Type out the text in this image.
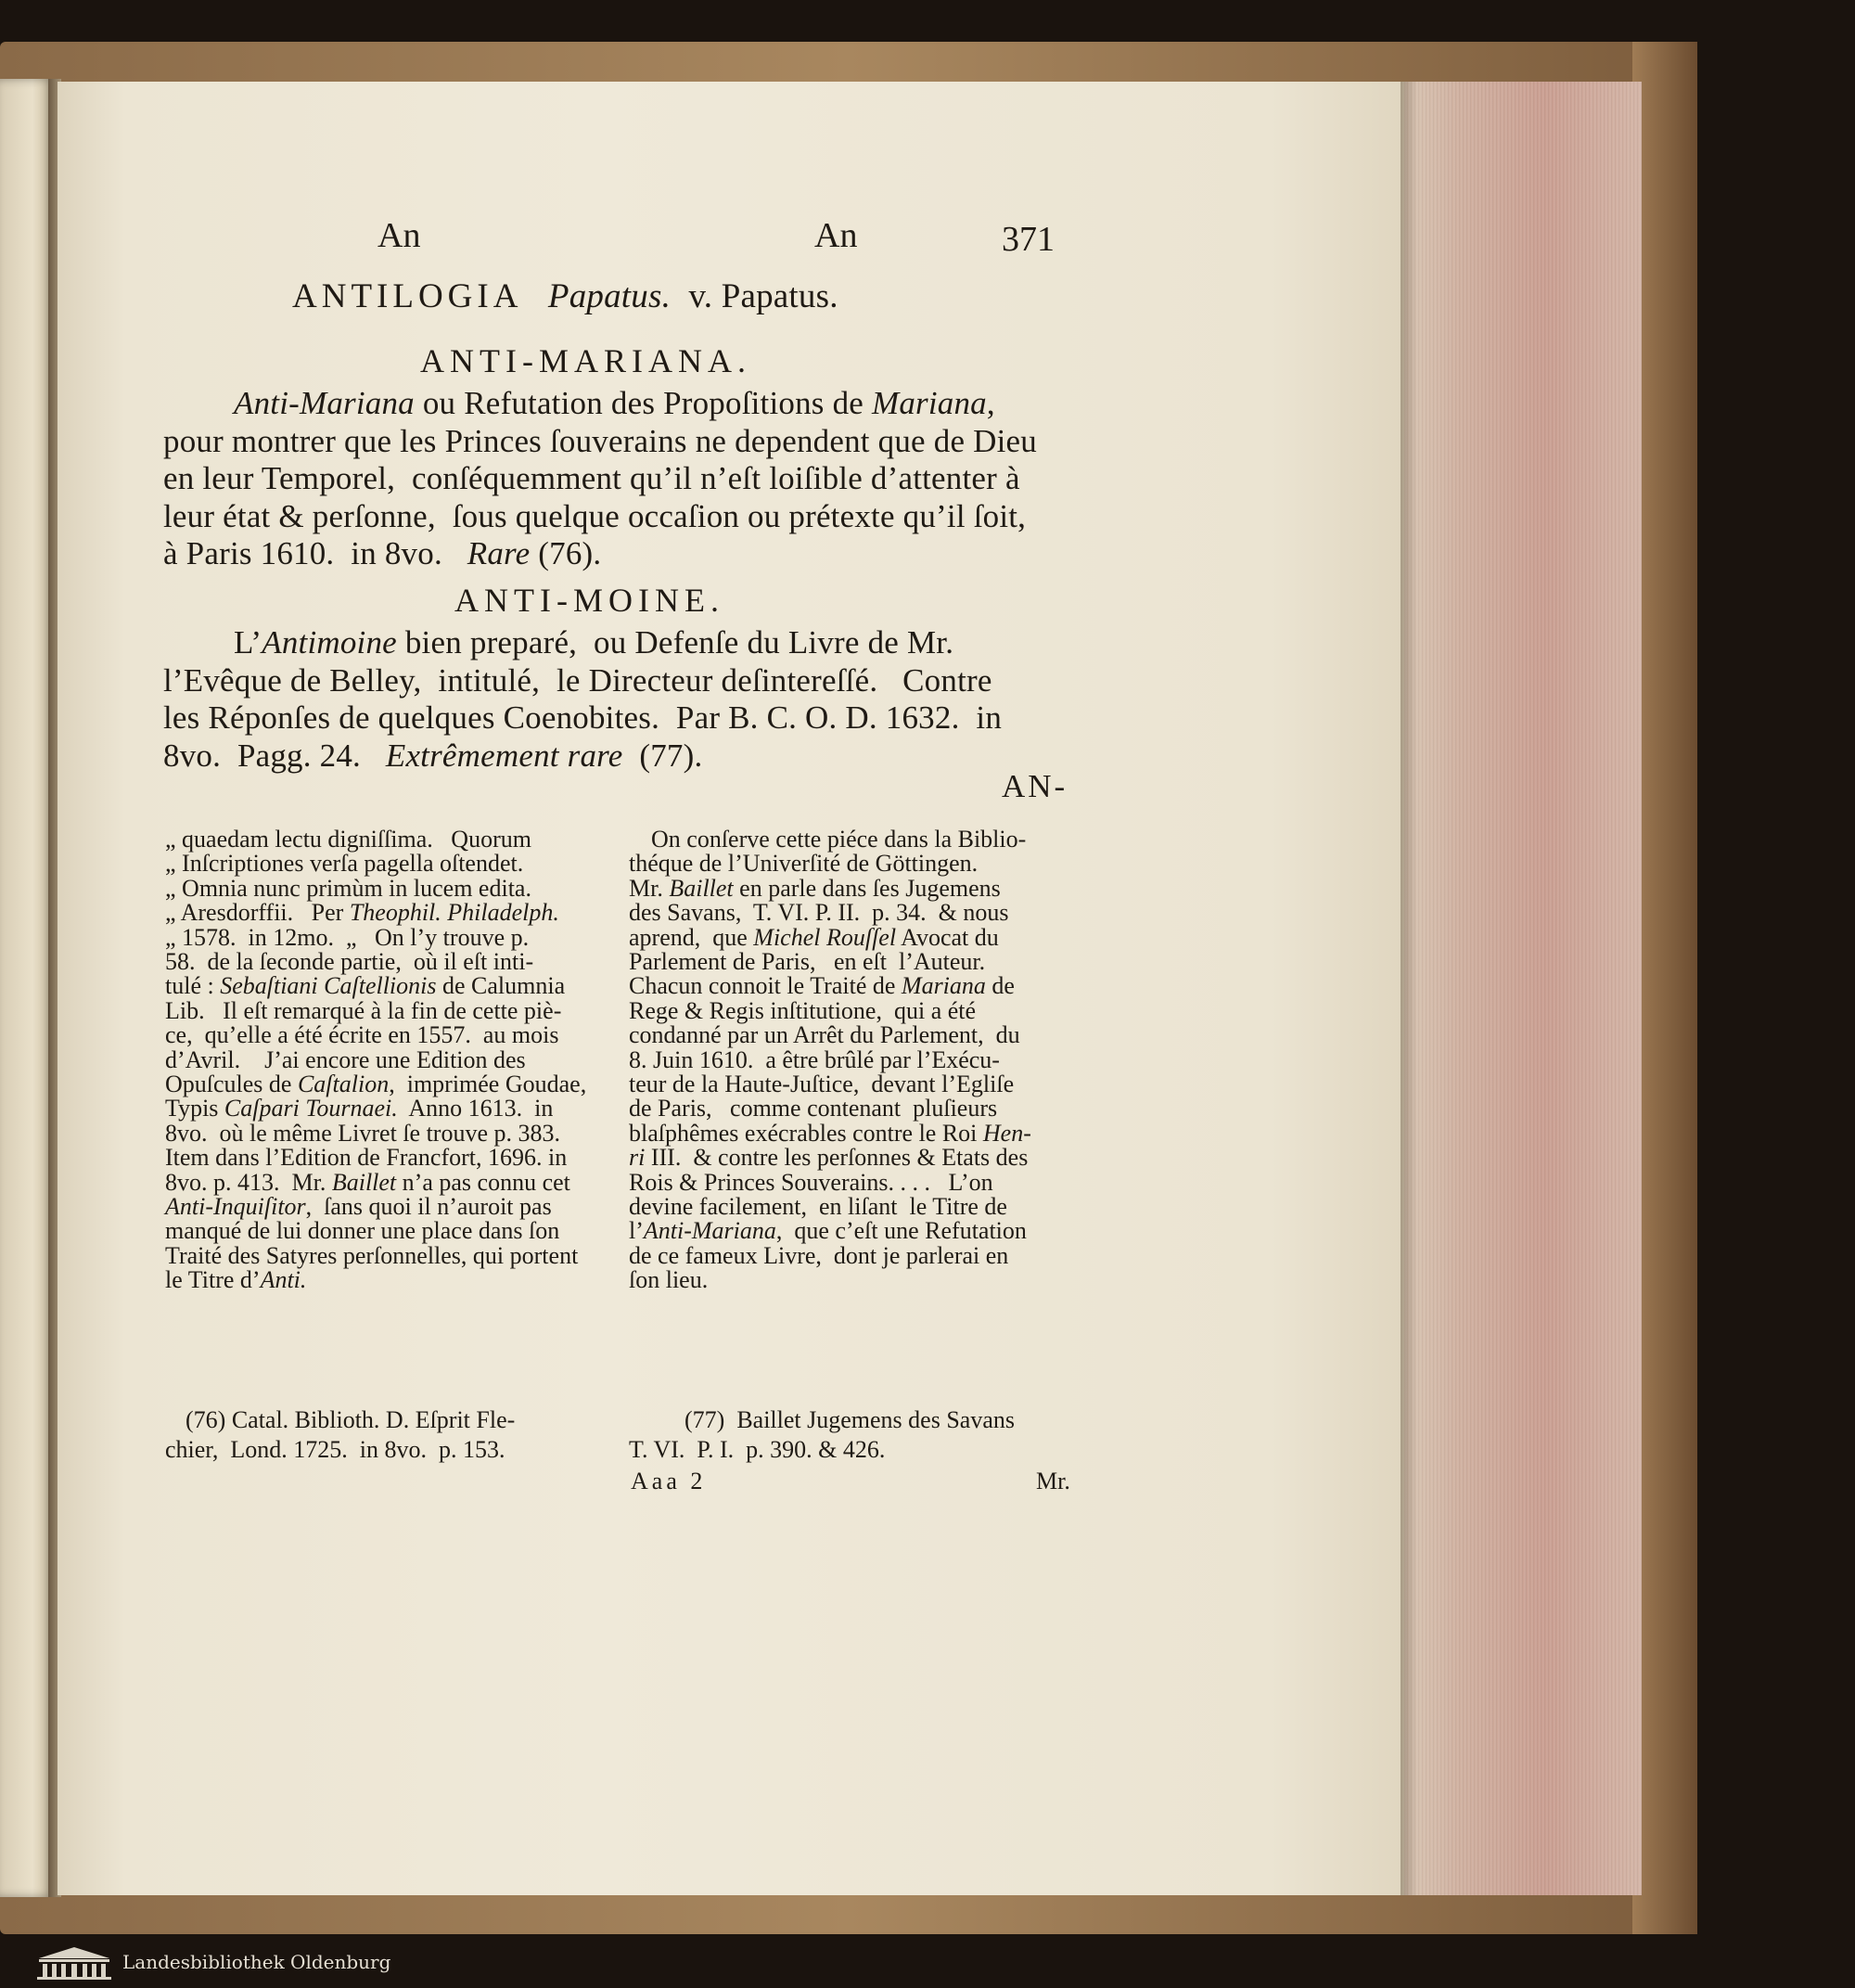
An	An	371
ANTILOGIA Papatus. v. Papatus.
ANTI-MARIANA.
Anti-Mariana ou Refutation des Propoſitions de Mariana,
pour montrer que les Princes ſouverains ne dependent que de Dieu
en leur Temporel,  conſéquemment qu’il n’eſt loiſible d’attenter à
leur état & perſonne,  ſous quelque occaſion ou prétexte qu’il ſoit,
à Paris 1610.  in 8vo.   Rare (76).
ANTI-MOINE.
L’Antimoine bien preparé,  ou Defenſe du Livre de Mr.
l’Evêque de Belley,  intitulé,  le Directeur deſintereſſé.   Contre
les Réponſes de quelques Coenobites.  Par B. C. O. D. 1632.  in
8vo.  Pagg. 24.   Extrêmement rare  (77).
AN-
„ quaedam lectu digniſſima.   Quorum
„ Inſcriptiones verſa pagella oſtendet.
„ Omnia nunc primùm in lucem edita.
„ Aresdorffii.   Per Theophil. Philadelph.
„ 1578.  in 12mo.  „   On l’y trouve p.
58.  de la ſeconde partie,  où il eſt inti-
tulé : Sebaſtiani Caſtellionis de Calumnia
Lib.   Il eſt remarqué à la fin de cette piè-
ce,  qu’elle a été écrite en 1557.  au mois
d’Avril.    J’ai encore une Edition des
Opuſcules de Caſtalion,  imprimée Goudae,
Typis Caſpari Tournaei.  Anno 1613.  in
8vo.  où le même Livret ſe trouve p. 383.
Item dans l’Edition de Francfort, 1696. in
8vo. p. 413.  Mr. Baillet n’a pas connu cet
Anti-Inquiſitor,  ſans quoi il n’auroit pas
manqué de lui donner une place dans ſon
Traité des Satyres perſonnelles, qui portent
le Titre d’Anti.
On conſerve cette piéce dans la Biblio-
théque de l’Univerſité de Göttingen.
Mr. Baillet en parle dans ſes Jugemens
des Savans,  T. VI. P. II.  p. 34.  & nous
aprend,  que Michel Rouſſel Avocat du
Parlement de Paris,   en eſt  l’Auteur.
Chacun connoit le Traité de Mariana de
Rege & Regis inſtitutione,  qui a été
condanné par un Arrêt du Parlement,  du
8. Juin 1610.  a être brûlé par l’Exécu-
teur de la Haute-Juſtice,  devant l’Egliſe
de Paris,   comme contenant  pluſieurs
blaſphêmes exécrables contre le Roi Hen-
ri III.  & contre les perſonnes & Etats des
Rois & Princes Souverains. . . .   L’on
devine facilement,  en liſant  le Titre de
l’Anti-Mariana,  que c’eſt une Refutation
de ce fameux Livre,  dont je parlerai en
ſon lieu.
(76) Catal. Biblioth. D. Eſprit Fle-
chier,  Lond. 1725.  in 8vo.  p. 153.
(77)  Baillet Jugemens des Savans
T. VI.  P. I.  p. 390. & 426.
Aaa 2	Mr.
Landesbibliothek Oldenburg
